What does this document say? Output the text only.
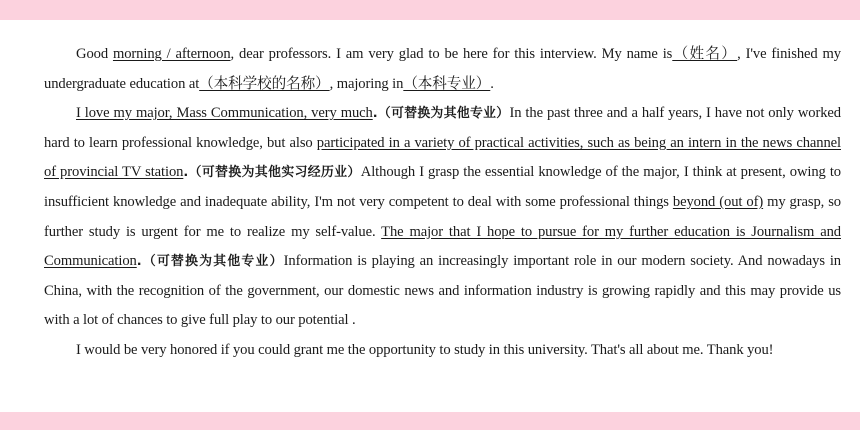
Good morning / afternoon, dear professors. I am very glad to be here for this interview. My name is（姓名）, I've finished my undergraduate education at（本科学校的名称）, majoring in（本科专业）.

I love my major, Mass Communication, very much.（可替换为其他专业）In the past three and a half years, I have not only worked hard to learn professional knowledge, but also participated in a variety of practical activities, such as being an intern in the news channel of provincial TV station.（可替换为其他实习经历业）Although I grasp the essential knowledge of the major, I think at present, owing to insufficient knowledge and inadequate ability, I'm not very competent to deal with some professional things beyond (out of) my grasp, so further study is urgent for me to realize my self-value. The major that I hope to pursue for my further education is Journalism and Communication.（可替换为其他专业）Information is playing an increasingly important role in our modern society. And nowadays in China, with the recognition of the government, our domestic news and information industry is growing rapidly and this may provide us with a lot of chances to give full play to our potential .

I would be very honored if you could grant me the opportunity to study in this university. That's all about me. Thank you!
